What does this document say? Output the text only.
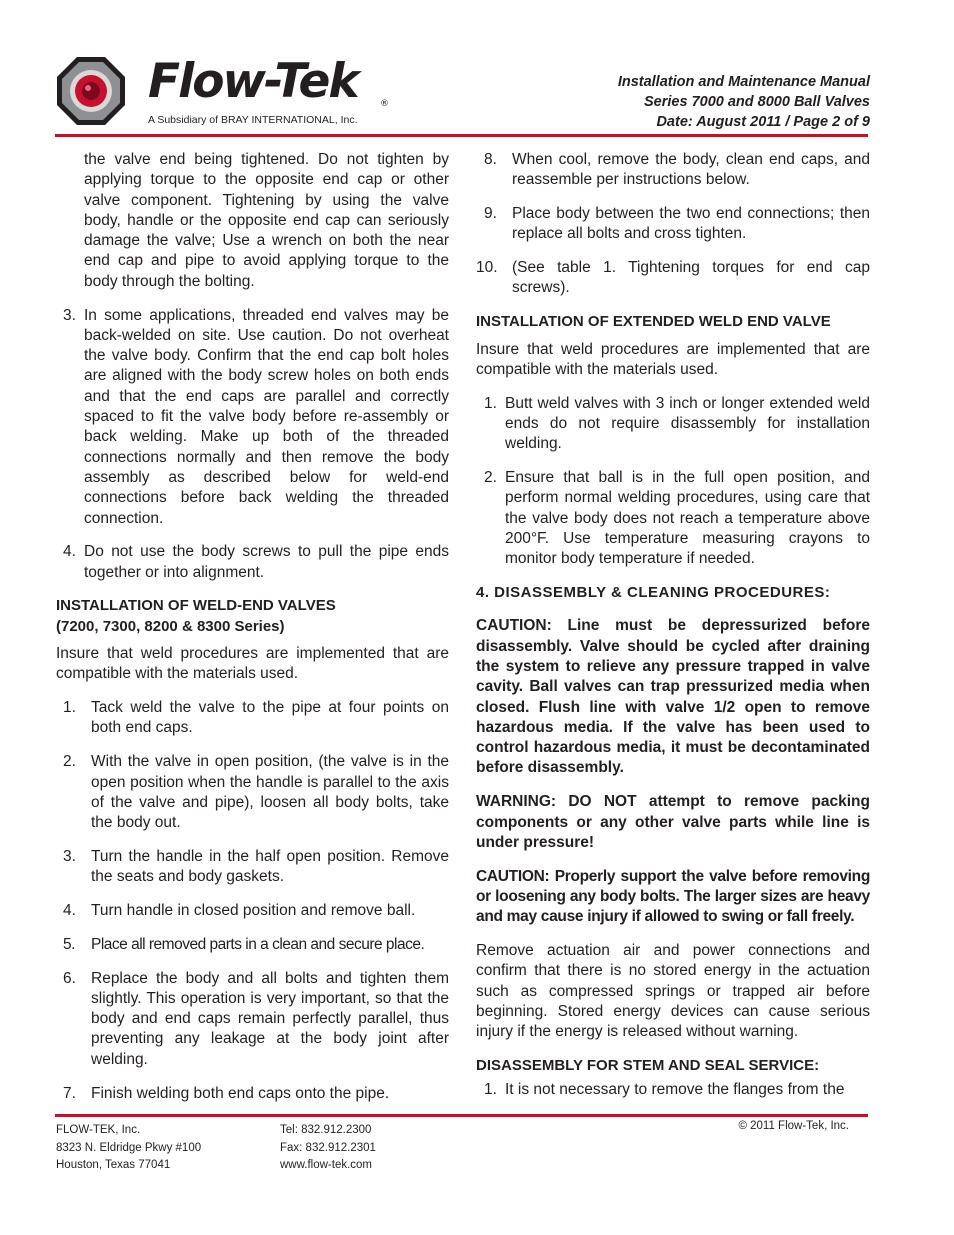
Flow-Tek ®
A Subsidiary of BRAY INTERNATIONAL, Inc.
Installation and Maintenance Manual
Series 7000 and 8000 Ball Valves
Date: August 2011 / Page 2 of 9

the valve end being tightened. Do not tighten by applying torque to the opposite end cap or other valve component. Tightening by using the valve body, handle or the opposite end cap can seriously damage the valve; Use a wrench on both the near end cap and pipe to avoid applying torque to the body through the bolting.

3. In some applications, threaded end valves may be back-welded on site. Use caution. Do not overheat the valve body. Confirm that the end cap bolt holes are aligned with the body screw holes on both ends and that the end caps are parallel and correctly spaced to fit the valve body before re-assembly or back welding. Make up both of the threaded connections normally and then remove the body assembly as described below for weld-end connections before back welding the threaded connection.
4. Do not use the body screws to pull the pipe ends together or into alignment.
INSTALLATION OF WELD-END VALVES
(7200, 7300, 8200 & 8300 Series)

Insure that weld procedures are implemented that are compatible with the materials used.

1. Tack weld the valve to the pipe at four points on both end caps.
2. With the valve in open position, (the valve is in the open position when the handle is parallel to the axis of the valve and pipe), loosen all body bolts, take the body out.
3. Turn the handle in the half open position. Remove the seats and body gaskets.
4. Turn handle in closed position and remove ball.
5. Place all removed parts in a clean and secure place.
6. Replace the body and all bolts and tighten them slightly. This operation is very important, so that the body and end caps remain perfectly parallel, thus preventing any leakage at the body joint after welding.
7. Finish welding both end caps onto the pipe.
8. When cool, remove the body, clean end caps, and reassemble per instructions below.
9. Place body between the two end connections; then replace all bolts and cross tighten.
10. (See table 1. Tightening torques for end cap screws).
INSTALLATION OF EXTENDED WELD END VALVE

Insure that weld procedures are implemented that are compatible with the materials used.

1. Butt weld valves with 3 inch or longer extended weld ends do not require disassembly for installation welding.
2. Ensure that ball is in the full open position, and perform normal welding procedures, using care that the valve body does not reach a temperature above 200°F. Use temperature measuring crayons to monitor body temperature if needed.
4. DISASSEMBLY & CLEANING PROCEDURES:

CAUTION: Line must be depressurized before disassembly. Valve should be cycled after draining the system to relieve any pressure trapped in valve cavity. Ball valves can trap pressurized media when closed. Flush line with valve 1/2 open to remove hazardous media. If the valve has been used to control hazardous media, it must be decontaminated before disassembly.

WARNING: DO NOT attempt to remove packing components or any other valve parts while line is under pressure!

CAUTION: Properly support the valve before removing or loosening any body bolts. The larger sizes are heavy and may cause injury if allowed to swing or fall freely.

Remove actuation air and power connections and confirm that there is no stored energy in the actuation such as compressed springs or trapped air before beginning. Stored energy devices can cause serious injury if the energy is released without warning.

DISASSEMBLY FOR STEM AND SEAL SERVICE:
1. It is not necessary to remove the flanges from the
FLOW-TEK, Inc.
8323 N. Eldridge Pkwy #100
Houston, Texas 77041
Tel: 832.912.2300
Fax: 832.912.2301
www.flow-tek.com
© 2011 Flow-Tek, Inc.
